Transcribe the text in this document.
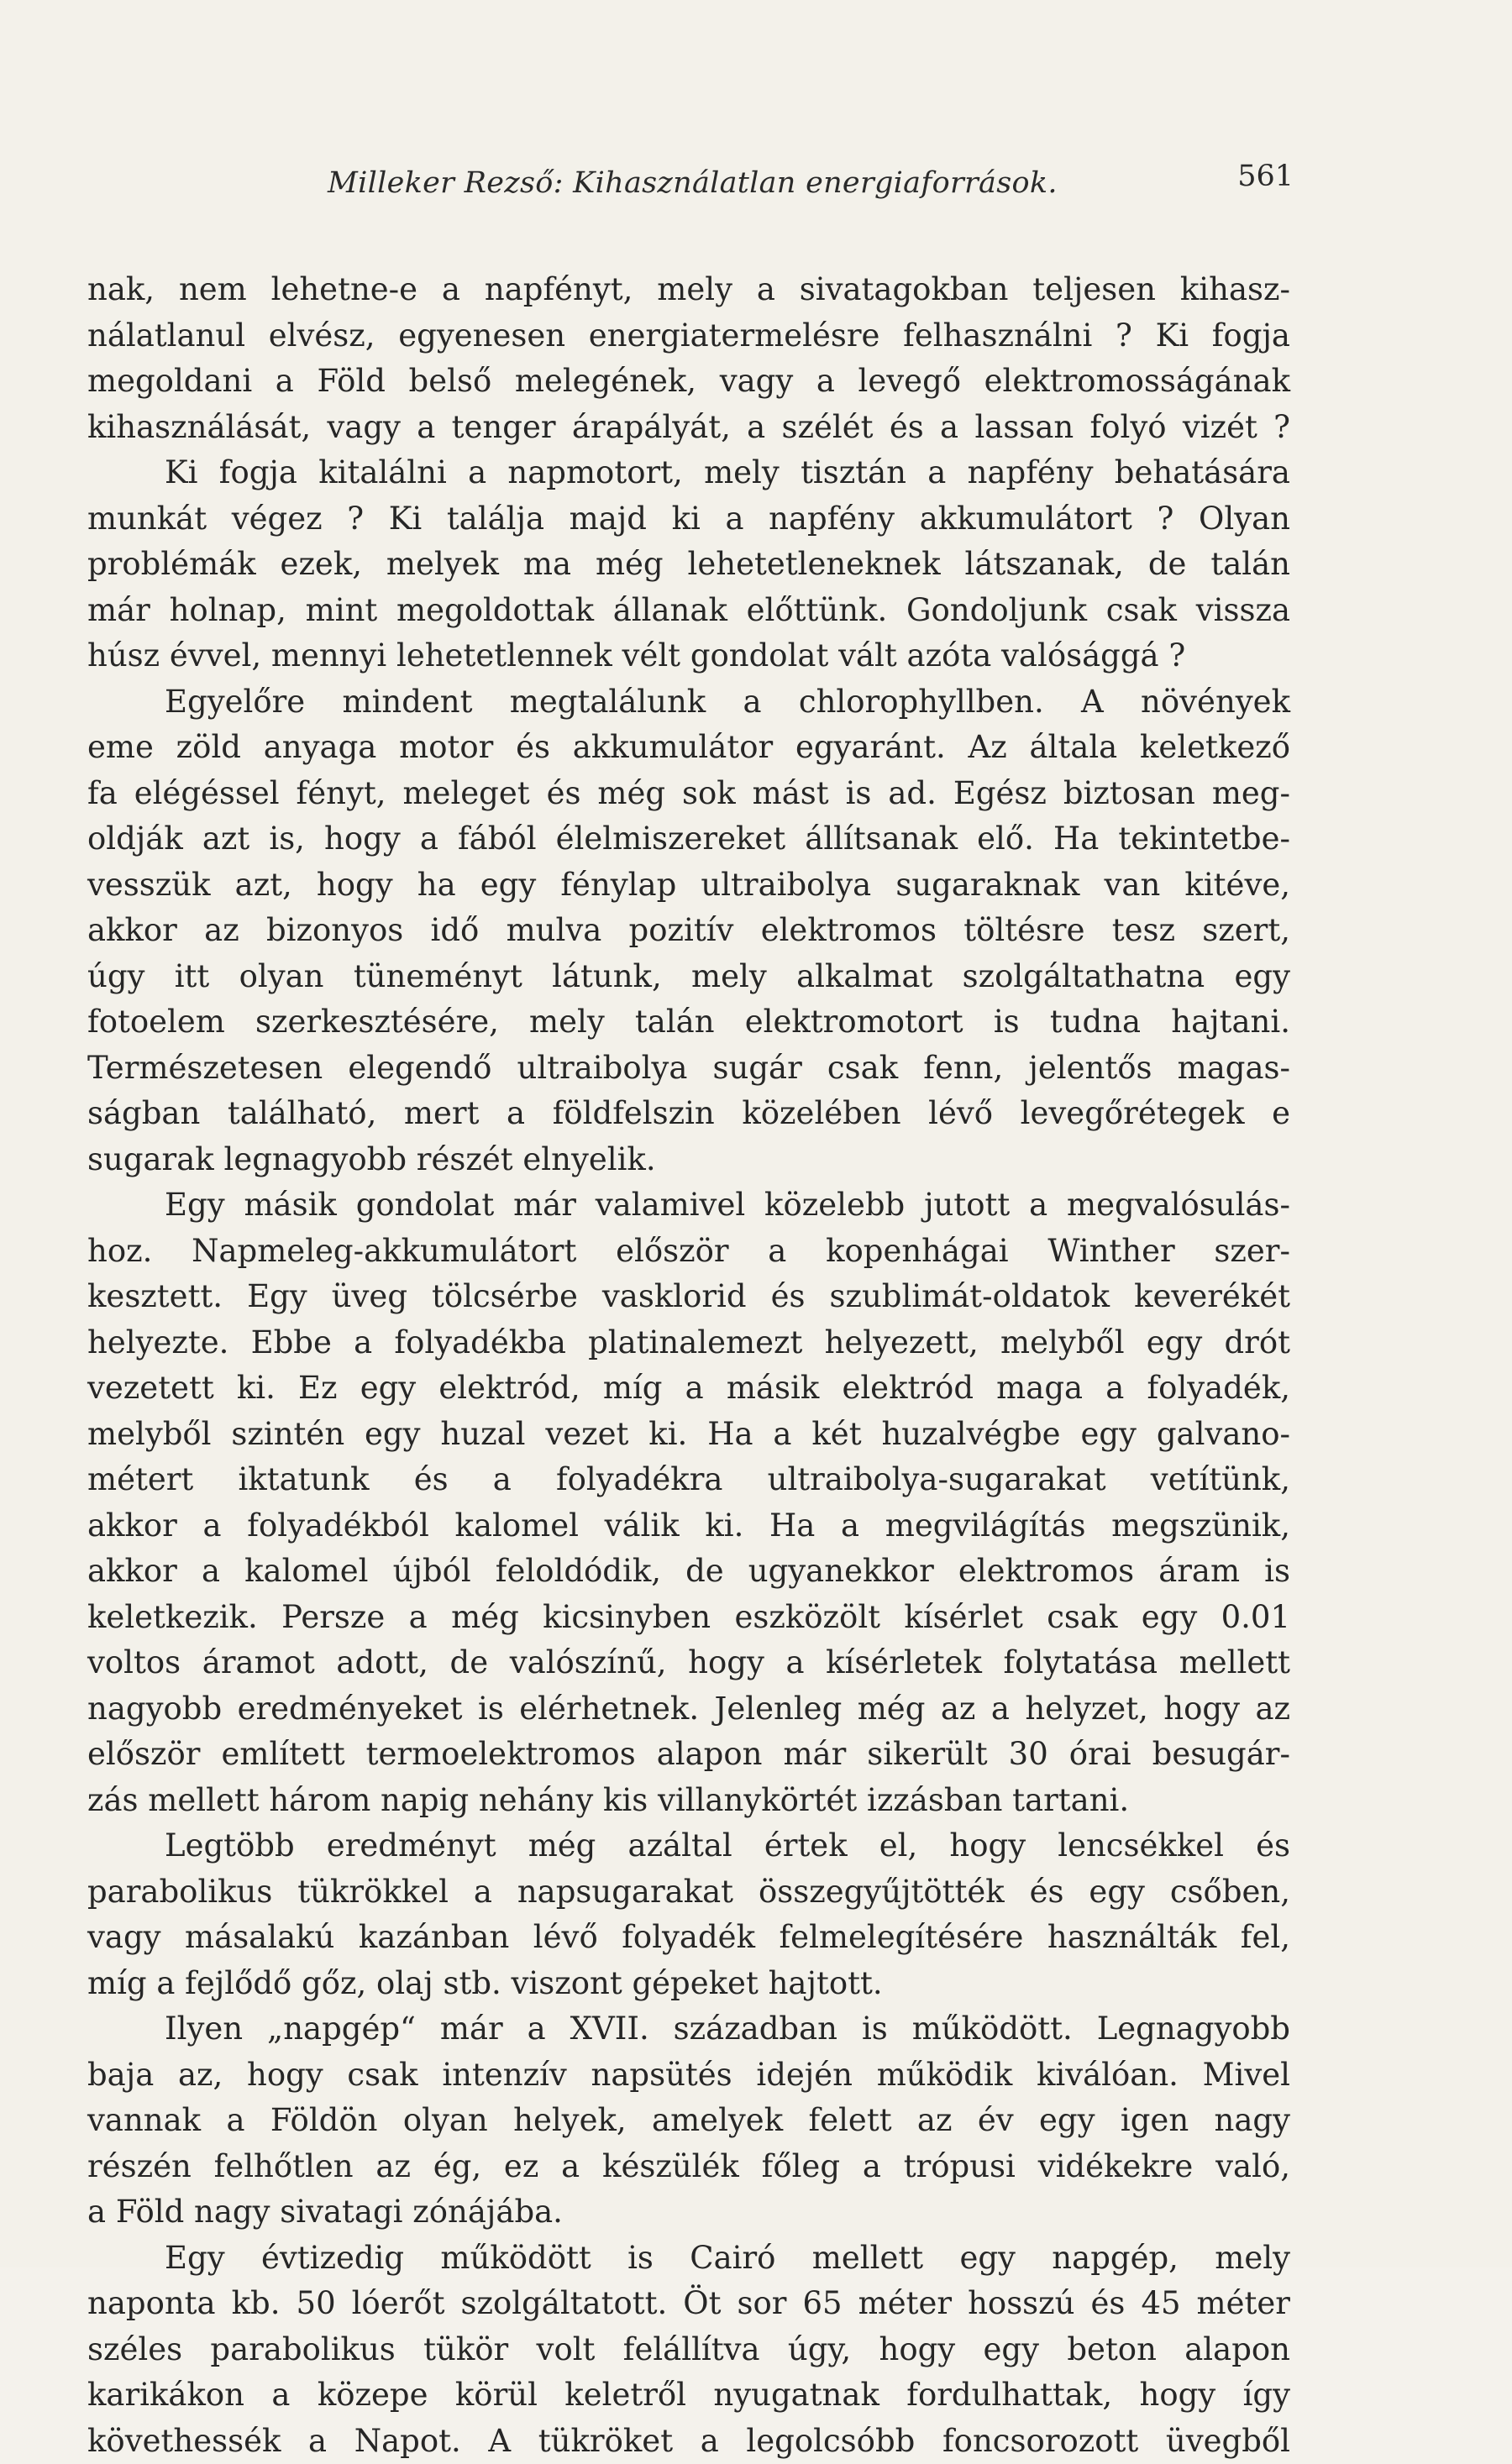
Milleker Rezső: Kihasználatlan energiaforrások.	561
nak, nem lehetne-e a napfényt, mely a sivatagokban teljesen kihasz-
nálatlanul elvész, egyenesen energiatermelésre felhasználni ? Ki fogja
megoldani a Föld belső melegének, vagy a levegő elektromosságának
kihasználását, vagy a tenger árapályát, a szélét és a lassan folyó vizét ?
Ki fogja kitalálni a napmotort, mely tisztán a napfény behatására
munkát végez ? Ki találja majd ki a napfény akkumulátort ? Olyan
problémák ezek, melyek ma még lehetetleneknek látszanak, de talán
már holnap, mint megoldottak állanak előttünk. Gondoljunk csak vissza
húsz évvel, mennyi lehetetlennek vélt gondolat vált azóta valósággá ?
Egyelőre mindent megtalálunk a chlorophyllben. A növények
eme zöld anyaga motor és akkumulátor egyaránt. Az általa keletkező
fa elégéssel fényt, meleget és még sok mást is ad. Egész biztosan meg-
oldják azt is, hogy a fából élelmiszereket állítsanak elő. Ha tekintetbe-
vesszük azt, hogy ha egy fénylap ultraibolya sugaraknak van kitéve,
akkor az bizonyos idő mulva pozitív elektromos töltésre tesz szert,
úgy itt olyan tüneményt látunk, mely alkalmat szolgáltathatna egy
fotoelem szerkesztésére, mely talán elektromotort is tudna hajtani.
Természetesen elegendő ultraibolya sugár csak fenn, jelentős magas-
ságban található, mert a földfelszin közelében lévő levegőrétegek e
sugarak legnagyobb részét elnyelik.
Egy másik gondolat már valamivel közelebb jutott a megvalósulás-
hoz. Napmeleg-akkumulátort először a kopenhágai Winther szer-
kesztett. Egy üveg tölcsérbe vasklorid és szublimát-oldatok keverékét
helyezte. Ebbe a folyadékba platinalemezt helyezett, melyből egy drót
vezetett ki. Ez egy elektród, míg a másik elektród maga a folyadék,
melyből szintén egy huzal vezet ki. Ha a két huzalvégbe egy galvano-
métert iktatunk és a folyadékra ultraibolya-sugarakat vetítünk,
akkor a folyadékból kalomel válik ki. Ha a megvilágítás megszünik,
akkor a kalomel újból feloldódik, de ugyanekkor elektromos áram is
keletkezik. Persze a még kicsinyben eszközölt kísérlet csak egy 0.01
voltos áramot adott, de valószínű, hogy a kísérletek folytatása mellett
nagyobb eredményeket is elérhetnek. Jelenleg még az a helyzet, hogy az
először említett termoelektromos alapon már sikerült 30 órai besugár-
zás mellett három napig nehány kis villanykörtét izzásban tartani.
Legtöbb eredményt még azáltal értek el, hogy lencsékkel és
parabolikus tükrökkel a napsugarakat összegyűjtötték és egy csőben,
vagy másalakú kazánban lévő folyadék felmelegítésére használták fel,
míg a fejlődő gőz, olaj stb. viszont gépeket hajtott.
Ilyen „napgép“ már a XVII. században is működött. Legnagyobb
baja az, hogy csak intenzív napsütés idején működik kiválóan. Mivel
vannak a Földön olyan helyek, amelyek felett az év egy igen nagy
részén felhőtlen az ég, ez a készülék főleg a trópusi vidékekre való,
a Föld nagy sivatagi zónájába.
Egy évtizedig működött is Cairó mellett egy napgép, mely
naponta kb. 50 lóerőt szolgáltatott. Öt sor 65 méter hosszú és 45 méter
széles parabolikus tükör volt felállítva úgy, hogy egy beton alapon
karikákon a közepe körül keletről nyugatnak fordulhattak, hogy így
követhessék a Napot. A tükröket a legolcsóbb foncsorozott üvegből
